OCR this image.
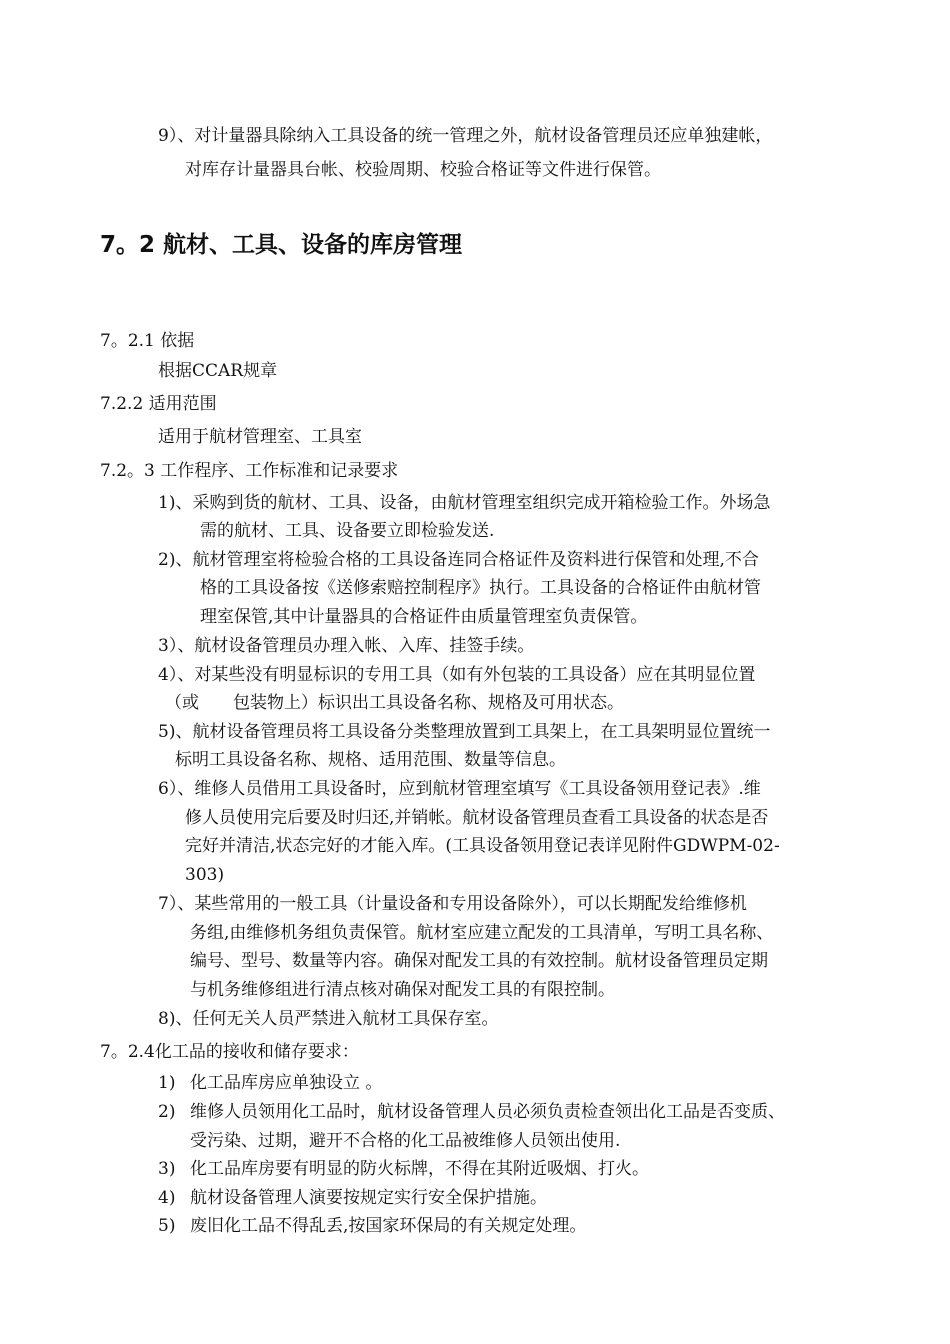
9）、对计量器具除纳入工具设备的统一管理之外，航材设备管理员还应单独建帐，
对库存计量器具台帐、校验周期、校验合格证等文件进行保管。
7。2 航材、工具、设备的库房管理
7。2.1 依据
根据CCAR规章
7.2.2 适用范围
适用于航材管理室、工具室
7.2。3 工作程序、工作标准和记录要求
1)、采购到货的航材、工具、设备，由航材管理室组织完成开箱检验工作。外场急
需的航材、工具、设备要立即检验发送.
2)、航材管理室将检验合格的工具设备连同合格证件及资料进行保管和处理,不合
格的工具设备按《送修索赔控制程序》执行。工具设备的合格证件由航材管
理室保管,其中计量器具的合格证件由质量管理室负责保管。
3）、航材设备管理员办理入帐、入库、挂签手续。
4）、对某些没有明显标识的专用工具（如有外包装的工具设备）应在其明显位置
（或　　包装物上）标识出工具设备名称、规格及可用状态。
5)、航材设备管理员将工具设备分类整理放置到工具架上，在工具架明显位置统一
标明工具设备名称、规格、适用范围、数量等信息。
6）、维修人员借用工具设备时，应到航材管理室填写《工具设备领用登记表》.维
修人员使用完后要及时归还,并销帐。航材设备管理员查看工具设备的状态是否
完好并清洁,状态完好的才能入库。(工具设备领用登记表详见附件GDWPM-02-
303)
7）、某些常用的一般工具（计量设备和专用设备除外），可以长期配发给维修机
务组,由维修机务组负责保管。航材室应建立配发的工具清单，写明工具名称、
编号、型号、数量等内容。确保对配发工具的有效控制。航材设备管理员定期
与机务维修组进行清点核对确保对配发工具的有限控制。
8)、任何无关人员严禁进入航材工具保存室。
7。2.4化工品的接收和储存要求：
1) 化工品库房应单独设立 。
2) 维修人员领用化工品时，航材设备管理人员必须负责检查领出化工品是否变质、
受污染、过期，避开不合格的化工品被维修人员领出使用.
3) 化工品库房要有明显的防火标牌，不得在其附近吸烟、打火。
4) 航材设备管理人演要按规定实行安全保护措施。
5) 废旧化工品不得乱丢,按国家环保局的有关规定处理。
